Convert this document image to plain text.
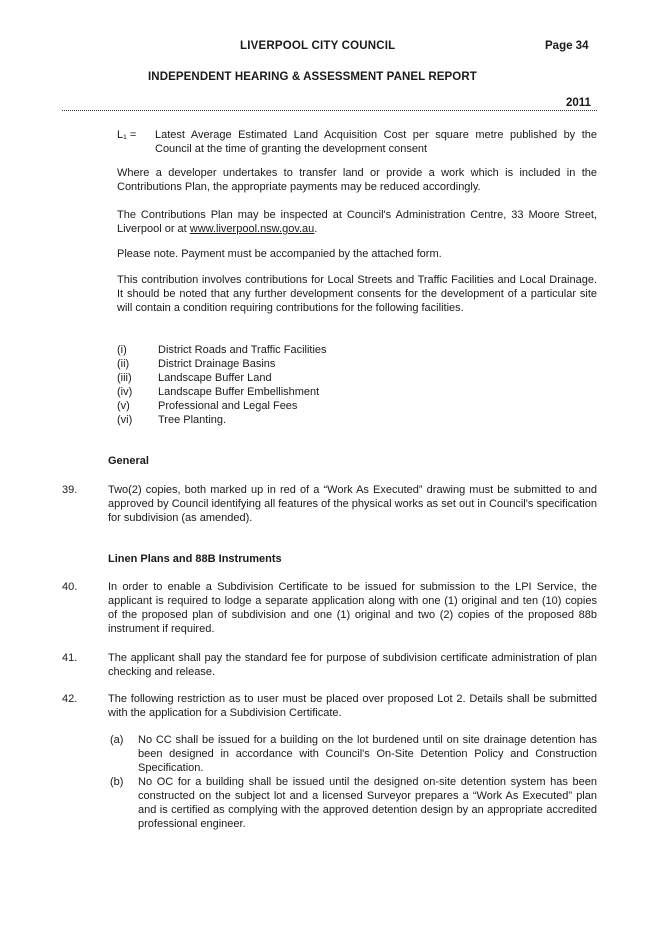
LIVERPOOL CITY COUNCIL	Page 34
INDEPENDENT HEARING & ASSESSMENT PANEL REPORT
2011
L₁ = Latest Average Estimated Land Acquisition Cost per square metre published by the Council at the time of granting the development consent
Where a developer undertakes to transfer land or provide a work which is included in the Contributions Plan, the appropriate payments may be reduced accordingly.
The Contributions Plan may be inspected at Council's Administration Centre, 33 Moore Street, Liverpool or at www.liverpool.nsw.gov.au.
Please note. Payment must be accompanied by the attached form.
This contribution involves contributions for Local Streets and Traffic Facilities and Local Drainage. It should be noted that any further development consents for the development of a particular site will contain a condition requiring contributions for the following facilities.
(i)	District Roads and Traffic Facilities
(ii)	District Drainage Basins
(iii) Landscape Buffer Land
(iv) Landscape Buffer Embellishment
(v)	Professional and Legal Fees
(vi) Tree Planting.
General
39.	Two(2) copies, both marked up in red of a “Work As Executed” drawing must be submitted to and approved by Council identifying all features of the physical works as set out in Council's specification for subdivision (as amended).
Linen Plans and 88B Instruments
40.	In order to enable a Subdivision Certificate to be issued for submission to the LPI Service, the applicant is required to lodge a separate application along with one (1) original and ten (10) copies of the proposed plan of subdivision and one (1) original and two (2) copies of the proposed 88b instrument if required.
41.	The applicant shall pay the standard fee for purpose of subdivision certificate administration of plan checking and release.
42.	The following restriction as to user must be placed over proposed Lot 2. Details shall be submitted with the application for a Subdivision Certificate.
(a) No CC shall be issued for a building on the lot burdened until on site drainage detention has been designed in accordance with Council's On-Site Detention Policy and Construction Specification.
(b) No OC for a building shall be issued until the designed on-site detention system has been constructed on the subject lot and a licensed Surveyor prepares a “Work As Executed” plan and is certified as complying with the approved detention design by an appropriate accredited professional engineer.
